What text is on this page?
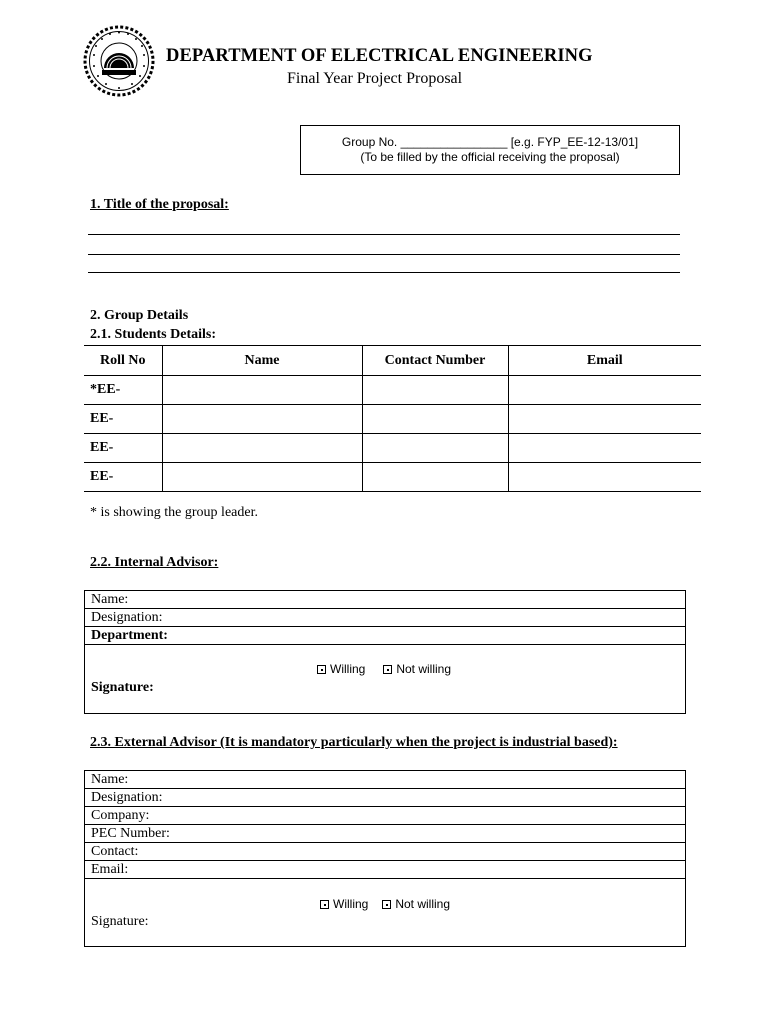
DEPARTMENT OF ELECTRICAL ENGINEERING
Final Year Project Proposal
Group No. ________________ [e.g. FYP_EE-12-13/01]
(To be filled by the official receiving the proposal)
1. Title of the proposal:
2. Group Details
2.1. Students Details:
Roll No	Name	Contact Number	Email
*EE-			
EE-			
EE-			
EE-			
* is showing the group leader.
2.2. Internal Advisor:
Name:
Designation:
Department:

Willing	Not willing
Signature:
2.3. External Advisor (It is mandatory particularly when the project is industrial based):
Name:
Designation:
Company:
PEC Number:
Contact:
Email:

Willing Not willing
Signature:
